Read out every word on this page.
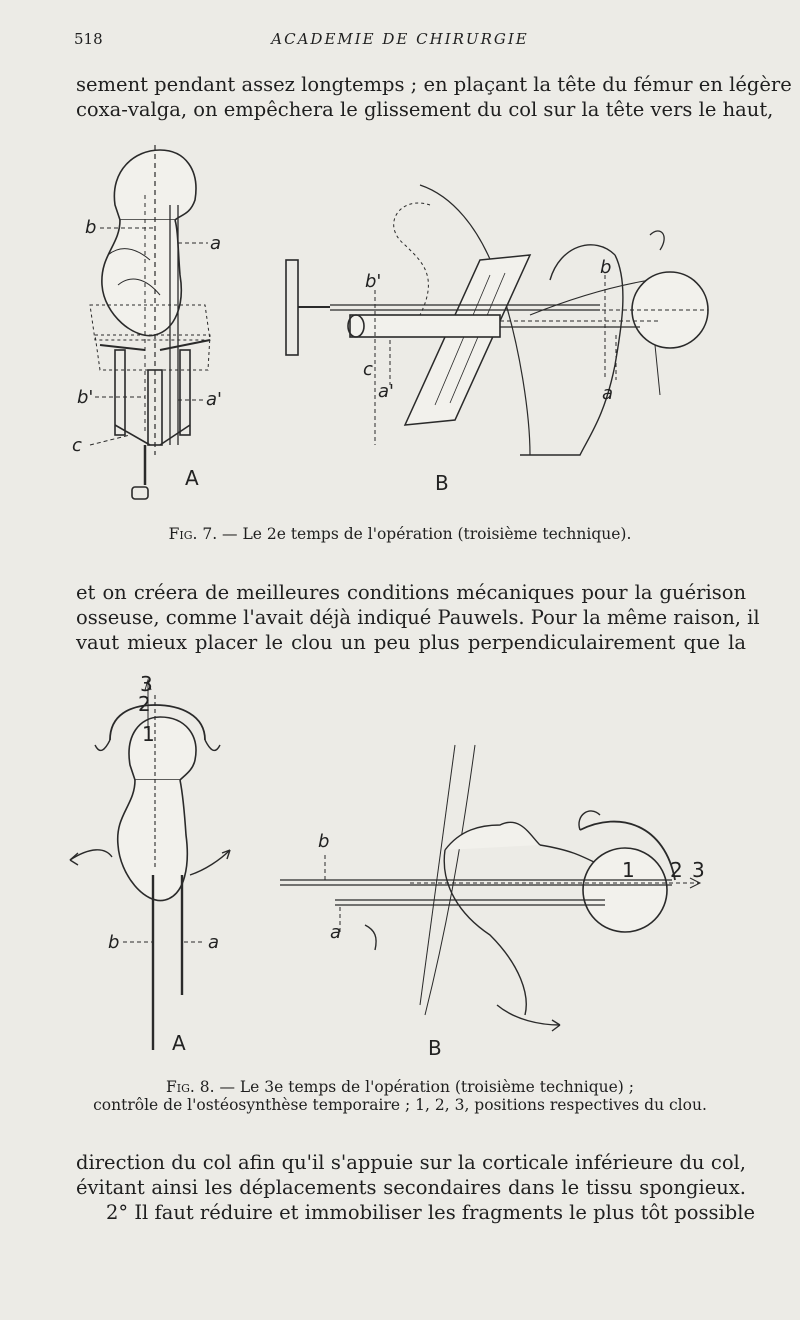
518	ACADEMIE DE CHIRURGIE

sement pendant assez longtemps ; en plaçant la tête du fémur en légère
coxa-valga, on empêchera le glissement du col sur la tête vers le haut,

b
a
b'	a'
c
A
b'
c
a'
b
a
B
Fig. 7. — Le 2e temps de l'opération (troisième technique).

et on créera de meilleures conditions mécaniques pour la guérison
osseuse, comme l'avait déjà indiqué Pauwels. Pour la même raison, il
vaut mieux placer le clou un peu plus perpendiculairement que la

3
2
1
b	a
A
b
a
1 2 3
B
Fig. 8. — Le 3e temps de l'opération (troisième technique) ;
contrôle de l'ostéosynthèse temporaire ; 1, 2, 3, positions respectives du clou.

direction du col afin qu'il s'appuie sur la corticale inférieure du col,
évitant ainsi les déplacements secondaires dans le tissu spongieux.
2° Il faut réduire et immobiliser les fragments le plus tôt possible
